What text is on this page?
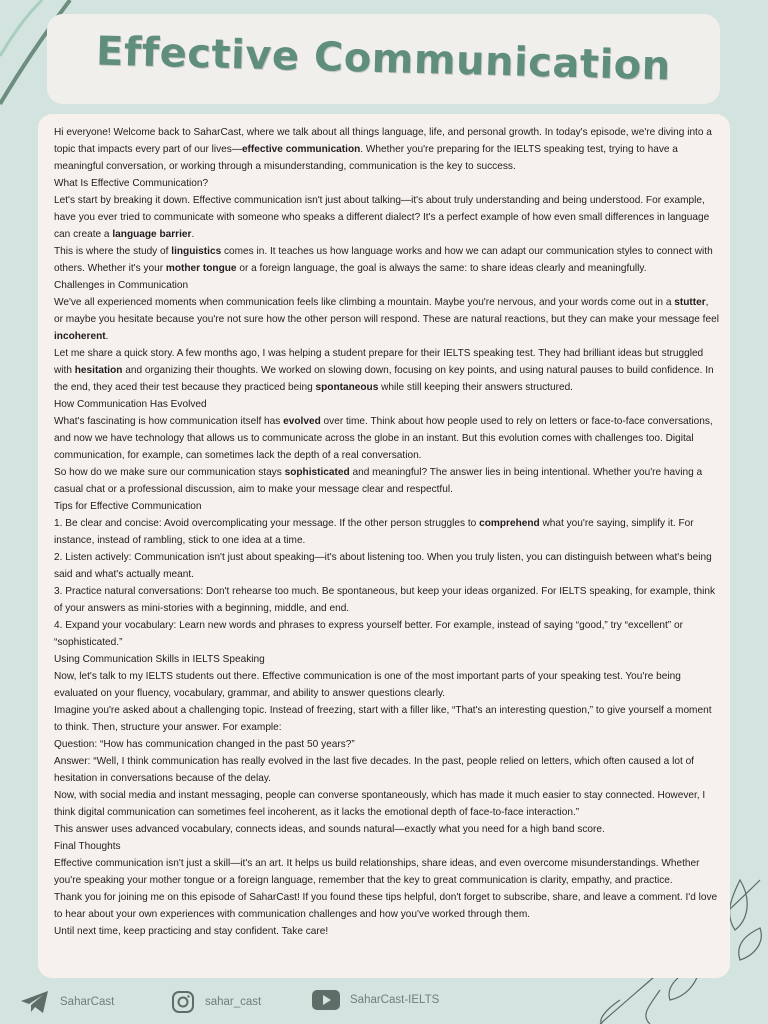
Effective Communication

Hi everyone! Welcome back to SaharCast, where we talk about all things language, life, and personal growth. In today's episode, we're diving into a topic that impacts every part of our lives—effective communication. Whether you're preparing for the IELTS speaking test, trying to have a meaningful conversation, or working through a misunderstanding, communication is the key to success.

What Is Effective Communication?

Let's start by breaking it down. Effective communication isn't just about talking—it's about truly understanding and being understood. For example, have you ever tried to communicate with someone who speaks a different dialect? It's a perfect example of how even small differences in language can create a language barrier.

This is where the study of linguistics comes in. It teaches us how language works and how we can adapt our communication styles to connect with others. Whether it's your mother tongue or a foreign language, the goal is always the same: to share ideas clearly and meaningfully.

Challenges in Communication

We've all experienced moments when communication feels like climbing a mountain. Maybe you're nervous, and your words come out in a stutter, or maybe you hesitate because you're not sure how the other person will respond. These are natural reactions, but they can make your message feel incoherent.

Let me share a quick story. A few months ago, I was helping a student prepare for their IELTS speaking test. They had brilliant ideas but struggled with hesitation and organizing their thoughts. We worked on slowing down, focusing on key points, and using natural pauses to build confidence. In the end, they aced their test because they practiced being spontaneous while still keeping their answers structured.

How Communication Has Evolved

What's fascinating is how communication itself has evolved over time. Think about how people used to rely on letters or face-to-face conversations, and now we have technology that allows us to communicate across the globe in an instant. But this evolution comes with challenges too. Digital communication, for example, can sometimes lack the depth of a real conversation.

So how do we make sure our communication stays sophisticated and meaningful? The answer lies in being intentional. Whether you're having a casual chat or a professional discussion, aim to make your message clear and respectful.

Tips for Effective Communication

1. Be clear and concise: Avoid overcomplicating your message. If the other person struggles to comprehend what you're saying, simplify it. For instance, instead of rambling, stick to one idea at a time.

2. Listen actively: Communication isn't just about speaking—it's about listening too. When you truly listen, you can distinguish between what's being said and what's actually meant.

3. Practice natural conversations: Don't rehearse too much. Be spontaneous, but keep your ideas organized. For IELTS speaking, for example, think of your answers as mini-stories with a beginning, middle, and end.

4. Expand your vocabulary: Learn new words and phrases to express yourself better. For example, instead of saying “good,” try “excellent” or “sophisticated.”

Using Communication Skills in IELTS Speaking

Now, let's talk to my IELTS students out there. Effective communication is one of the most important parts of your speaking test. You're being evaluated on your fluency, vocabulary, grammar, and ability to answer questions clearly.

Imagine you're asked about a challenging topic. Instead of freezing, start with a filler like, “That's an interesting question,” to give yourself a moment to think. Then, structure your answer. For example:

Question: “How has communication changed in the past 50 years?”

Answer: “Well, I think communication has really evolved in the last five decades. In the past, people relied on letters, which often caused a lot of hesitation in conversations because of the delay.

Now, with social media and instant messaging, people can converse spontaneously, which has made it much easier to stay connected. However, I think digital communication can sometimes feel incoherent, as it lacks the emotional depth of face-to-face interaction.”

This answer uses advanced vocabulary, connects ideas, and sounds natural—exactly what you need for a high band score.

Final Thoughts

Effective communication isn't just a skill—it's an art. It helps us build relationships, share ideas, and even overcome misunderstandings. Whether you're speaking your mother tongue or a foreign language, remember that the key to great communication is clarity, empathy, and practice.

Thank you for joining me on this episode of SaharCast! If you found these tips helpful, don't forget to subscribe, share, and leave a comment. I'd love to hear about your own experiences with communication challenges and how you've worked through them.

Until next time, keep practicing and stay confident. Take care!

SaharCast	sahar_cast	SaharCast-IELTS
